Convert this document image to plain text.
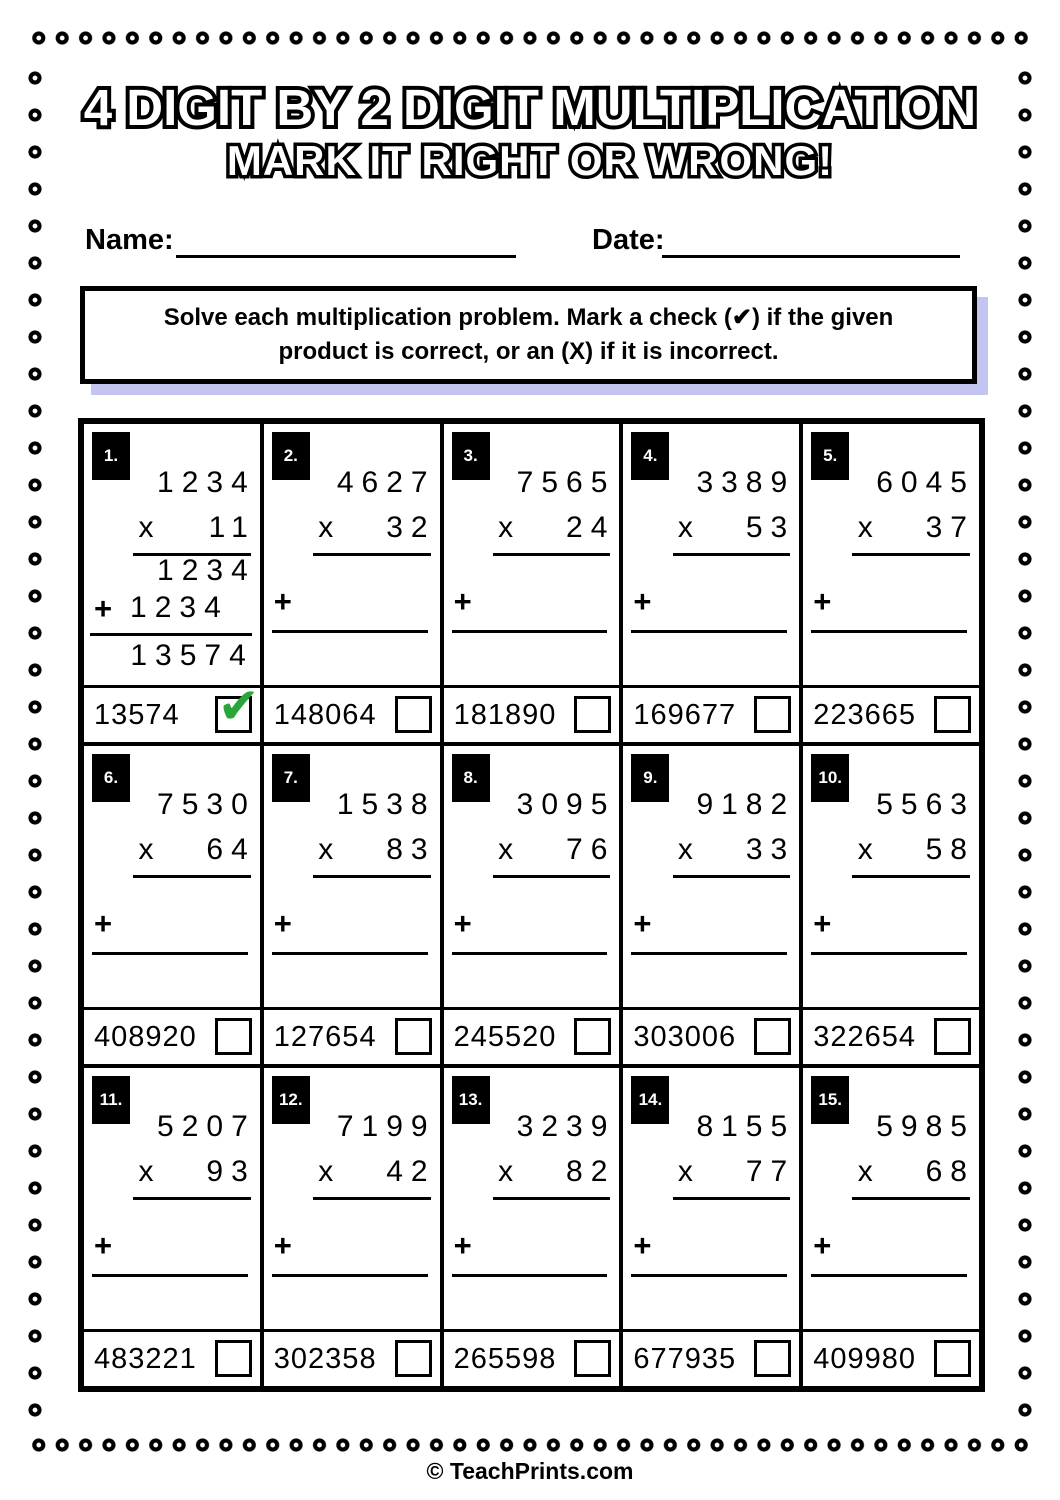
4 DIGIT BY 2 DIGIT MULTIPLICATION 4 DIGIT BY 2 DIGIT MULTIPLICATION
MARK IT RIGHT OR WRONG! MARK IT RIGHT OR WRONG!
Name:	Date:
Solve each multiplication problem. Mark a check (✔) if the given product is correct, or an (X) if it is incorrect.
1.
1234
x 11
1234
+ 1234
13574
13574 ✔
2.
4627
x 32
+
148064
3.
7565
x 24
+
181890
4.
3389
x 53
+
169677
5.
6045
x 37
+
223665
6.
7530
x 64
+
408920
7.
1538
x 83
+
127654
8.
3095
x 76
+
245520
9.
9182
x 33
+
303006
10.
5563
x 58
+
322654
11.
5207
x 93
+
483221
12.
7199
x 42
+
302358
13.
3239
x 82
+
265598
14.
8155
x 77
+
677935
15.
5985
x 68
+
409980
© TeachPrints.com
